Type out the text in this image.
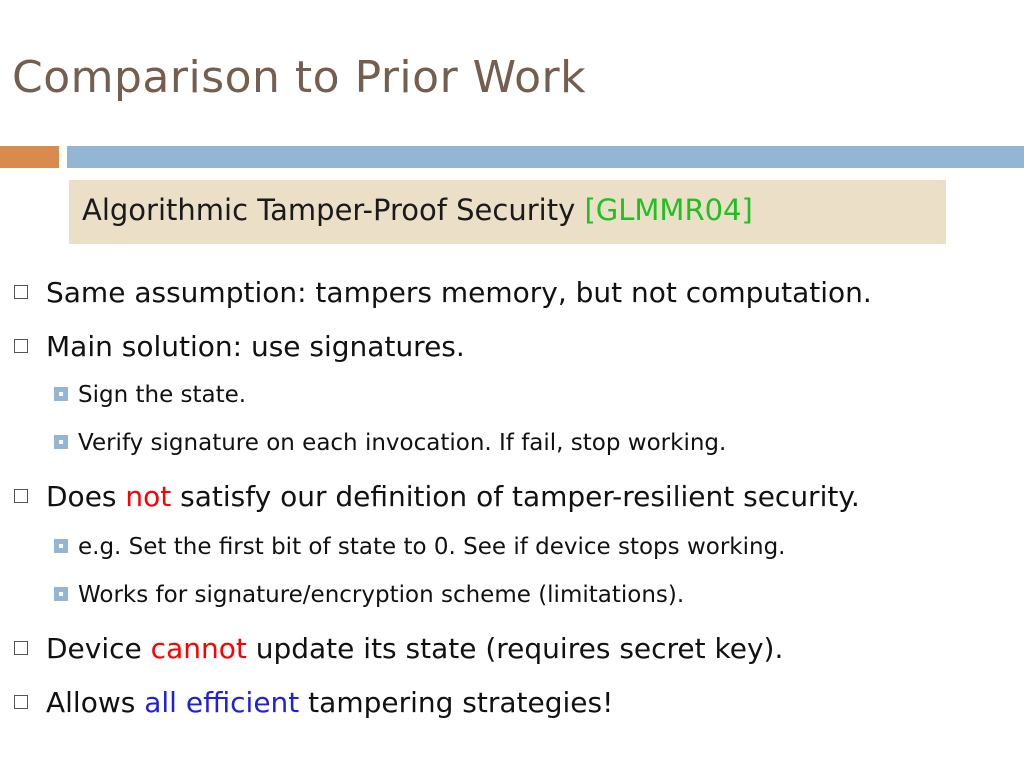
Comparison to Prior Work
Algorithmic Tamper-Proof Security [GLMMR04]
Same assumption: tampers memory, but not computation.
Main solution: use signatures.
Sign the state.
Verify signature on each invocation. If fail, stop working.
Does not satisfy our definition of tamper-resilient security.
e.g. Set the first bit of state to 0. See if device stops working.
Works for signature/encryption scheme (limitations).
Device cannot update its state (requires secret key).
Allows all efficient tampering strategies!
